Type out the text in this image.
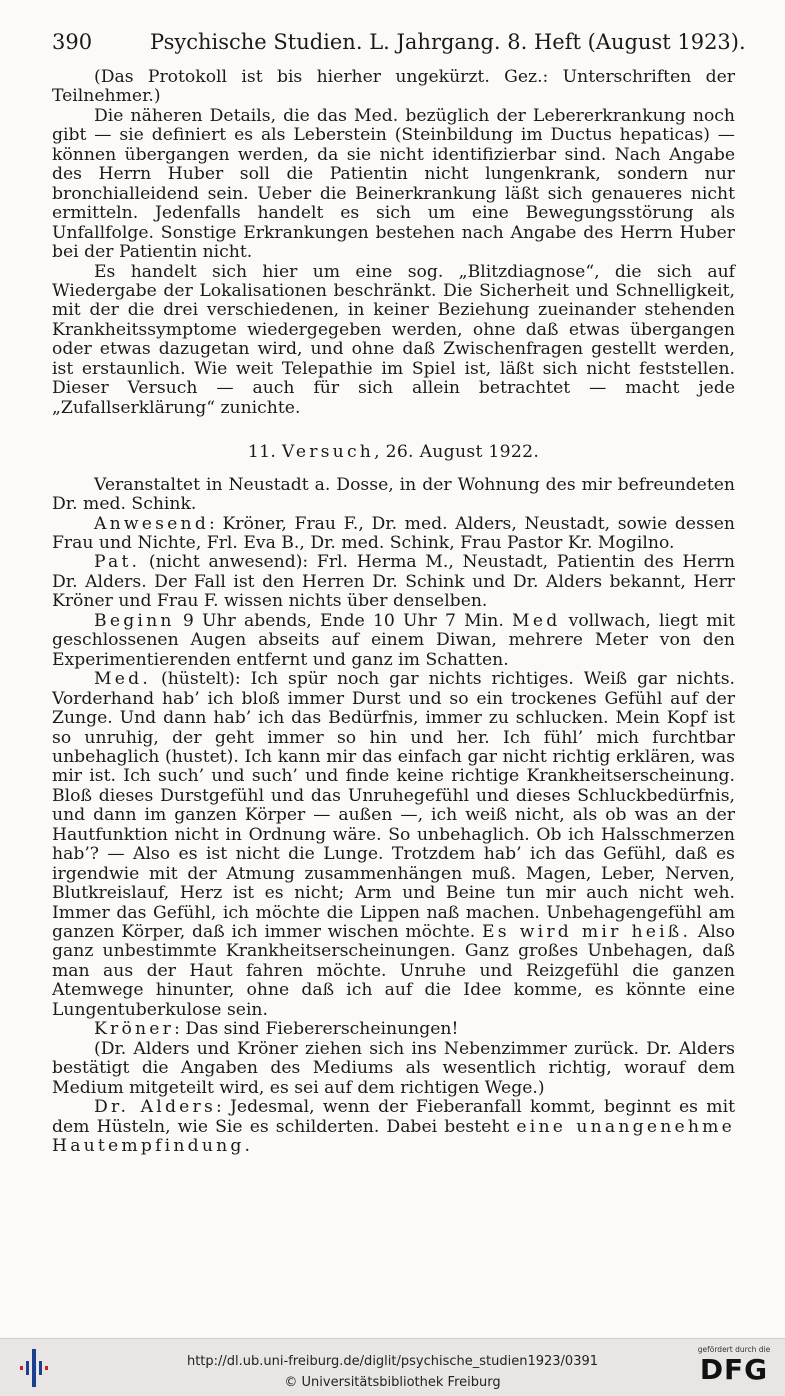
390	Psychische Studien. L. Jahrgang. 8. Heft (August 1923).

(Das Protokoll ist bis hierher ungekürzt. Gez.: Unterschriften der Teilnehmer.)

Die näheren Details, die das Med. bezüglich der Lebererkrankung noch gibt — sie definiert es als Leberstein (Steinbildung im Ductus hepaticas) — können übergangen werden, da sie nicht identifizierbar sind. Nach Angabe des Herrn Huber soll die Patientin nicht lungenkrank, sondern nur bronchialleidend sein. Ueber die Beinerkrankung läßt sich genaueres nicht ermitteln. Jedenfalls handelt es sich um eine Bewegungsstörung als Unfallfolge. Sonstige Erkrankungen bestehen nach Angabe des Herrn Huber bei der Patientin nicht.

Es handelt sich hier um eine sog. „Blitzdiagnose“, die sich auf Wiedergabe der Lokalisationen beschränkt. Die Sicherheit und Schnelligkeit, mit der die drei verschiedenen, in keiner Beziehung zueinander stehenden Krankheitssymptome wiedergegeben werden, ohne daß etwas übergangen oder etwas dazugetan wird, und ohne daß Zwischenfragen gestellt werden, ist erstaunlich. Wie weit Telepathie im Spiel ist, läßt sich nicht feststellen. Dieser Versuch — auch für sich allein betrachtet — macht jede „Zufallserklärung“ zunichte.

11. Versuch, 26. August 1922.

Veranstaltet in Neustadt a. Dosse, in der Wohnung des mir befreundeten Dr. med. Schink.

Anwesend: Kröner, Frau F., Dr. med. Alders, Neustadt, sowie dessen Frau und Nichte, Frl. Eva B., Dr. med. Schink, Frau Pastor Kr. Mogilno.

Pat. (nicht anwesend): Frl. Herma M., Neustadt, Patientin des Herrn Dr. Alders. Der Fall ist den Herren Dr. Schink und Dr. Alders bekannt, Herr Kröner und Frau F. wissen nichts über denselben.

Beginn 9 Uhr abends, Ende 10 Uhr 7 Min. Med vollwach, liegt mit geschlossenen Augen abseits auf einem Diwan, mehrere Meter von den Experimentierenden entfernt und ganz im Schatten.

Med. (hüstelt): Ich spür noch gar nichts richtiges. Weiß gar nichts. Vorderhand hab’ ich bloß immer Durst und so ein trockenes Gefühl auf der Zunge. Und dann hab’ ich das Bedürfnis, immer zu schlucken. Mein Kopf ist so unruhig, der geht immer so hin und her. Ich fühl’ mich furchtbar unbehaglich (hustet). Ich kann mir das einfach gar nicht richtig erklären, was mir ist. Ich such’ und such’ und finde keine richtige Krankheitserscheinung. Bloß dieses Durstgefühl und das Unruhegefühl und dieses Schluckbedürfnis, und dann im ganzen Körper — außen —, ich weiß nicht, als ob was an der Hautfunktion nicht in Ordnung wäre. So unbehaglich. Ob ich Halsschmerzen hab’? — Also es ist nicht die Lunge. Trotzdem hab’ ich das Gefühl, daß es irgendwie mit der Atmung zusammenhängen muß. Magen, Leber, Nerven, Blutkreislauf, Herz ist es nicht; Arm und Beine tun mir auch nicht weh. Immer das Gefühl, ich möchte die Lippen naß machen. Unbehagengefühl am ganzen Körper, daß ich immer wischen möchte. Es wird mir heiß. Also ganz unbestimmte Krankheitserscheinungen. Ganz großes Unbehagen, daß man aus der Haut fahren möchte. Unruhe und Reizgefühl die ganzen Atemwege hinunter, ohne daß ich auf die Idee komme, es könnte eine Lungentuberkulose sein.

Kröner: Das sind Fiebererscheinungen!

(Dr. Alders und Kröner ziehen sich ins Nebenzimmer zurück. Dr. Alders bestätigt die Angaben des Mediums als wesentlich richtig, worauf dem Medium mitgeteilt wird, es sei auf dem richtigen Wege.)

Dr. Alders: Jedesmal, wenn der Fieberanfall kommt, beginnt es mit dem Hüsteln, wie Sie es schilderten. Dabei besteht eine unangenehme Hautempfindung.

http://dl.ub.uni-freiburg.de/diglit/psychische_studien1923/0391
© Universitätsbibliothek Freiburg
gefördert durch die
DFG
